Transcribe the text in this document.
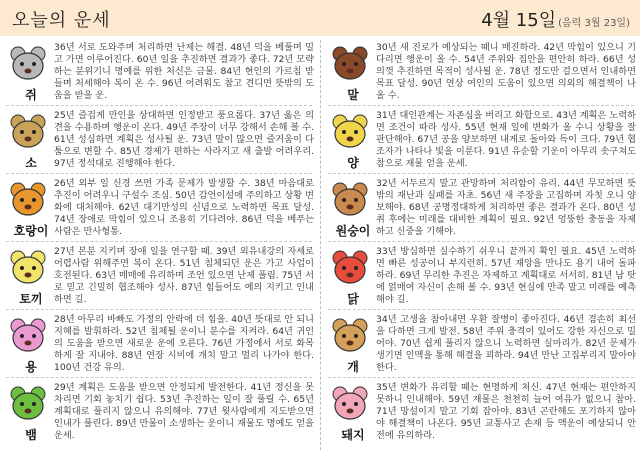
오늘의 운세	4월 15일 (음력 3월 23일)
쥐
36년 서로 도와주며 처리하면 난제는 해결. 48년 덕을 베풀며 밀고 가면 이루어진다. 60년 일을 추진하면 결과가 좋다. 72년 모략하는 분위기니 명예를 위한 처신은 금물. 84년 현인의 가르침 받들며 처세해야 복이 온 수. 96년 어려워도 참고 견디면 뜻밖의 도움을 받을 운.
소
25년 즐겁게 만인을 상대하면 인정받고 풍요롭다. 37년 옳은 의견을 수용하며 행운이 온다. 49년 주장이 너무 강해서 손해 볼 수. 61년 성심하면 계획은 성사될 운. 73년 말이 많으면 즐거움이 다툼으로 변할 수. 85년 경제가 편하는 사라지고 새 출발 어려우리. 97년 정석대로 진행해야 한다.
호랑이
26년 외부 일 신경 쓰면 가족 문제가 발생할 수. 38년 마음대로 추진이 어려우니 구설수 조심. 50년 감언이설에 주의하고 상황 변화에 대처해야. 62년 대기만성의 신념으로 노력하면 목표 달성. 74년 장애로 막힘이 있으니 조용히 기다려야. 86년 덕을 베푸는 사람은 만사형통.
토끼
27년 본분 지키며 장애 일을 연구할 때. 39년 외유내강의 자세로 어렵사람 위해주면 복이 온다. 51년 침체되던 운은 가고 사업이 호전된다. 63년 매매에 유리하며 조언 있으면 난제 풀림. 75년 서로 믿고 긴밀히 협조해야 성사. 87년 힘들어도 예의 지키고 인내하면 길.
용
28년 아무리 바빠도 가정의 안락에 더 힘을. 40년 뜻대로 안 되니 지혜를 발휘하라. 52년 침체될 운이니 분수를 지켜라. 64년 귀인의 도움을 받으면 새로운 운에 오른다. 76년 가정에서 서로 화목하게 잘 지내야. 88년 연장 시비에 개치 말고 멀리 나가야 한다. 100년 건강 유의.
뱀
29년 계획은 도움을 받으면 안정되게 발전한다. 41년 정신을 못 차리면 기회 놓치기 쉽다. 53년 추진하는 일이 잘 풀릴 수. 65년 계획대로 풀리지 않으니 유의해야. 77년 윗사람에게 지도받으면 인내가 풀린다. 89년 만물이 소생하는 운이니 재물도 명예도 얻을 운세.
말
30년 새 진로가 예상되는 때니 매진하라. 42년 막힘이 있으니 기다리면 행운이 올 수. 54년 주위와 집안을 편안히 하라. 66년 성의껏 추진하면 목적이 성사될 운. 78년 정도만 걸으면서 인내하면 목표 달성. 90년 연상 여인의 도움이 있으면 의외의 해결책이 나올 수.
양
31년 대인관계는 자존심을 버리고 화합으로. 43년 계획은 노력하면 조건이 따라 성사. 55년 현재 일에 변화가 올 수니 상황을 잘 판단해야. 67년 공을 양보하면 내게로 돌아와 득이 크다. 79년 협조자가 나타나 빛을 이룬다. 91년 유순할 기운이 아무리 솟구쳐도 참으로 재물 얻을 운세.
원숭이
32년 서두르지 말고 관망하며 처리함이 유리. 44년 무모하면 뜻밖의 재난과 실패를 자초. 56년 새 주장을 고집하며 자칫 오니 양보해야. 68년 공명정대하게 처리하면 좋은 결과가 온다. 80년 성취 후에는 미래를 대비한 계획이 필요. 92년 엉뚱한 충동을 자제하고 신중을 기해야.
닭
33년 방심하면 실수하기 쉬우니 끝까지 확인 필요. 45년 노력하면 빠른 성공이니 부지런히. 57년 재앙을 만나도 용기 내어 돌파하라. 69년 무리한 추진은 자제하고 계획대로 서서히. 81년 남 탓에 얽매여 자신이 손해 볼 수. 93년 현실에 만족 말고 미래를 예측해야 길.
개
34년 고생을 참아내면 우환 잘병이 좋아진다. 46년 겸손히 최선을 다하면 크게 발전. 58년 주위 충격이 있어도 강한 자신으로 밀어야. 70년 쉽게 풀리지 않으니 노력하면 실마리가. 82년 문제가 생기면 인맥을 통해 해결을 꾀하라. 94년 만난 고집부리지 말아야 한다.
돼지
35년 변화가 유리할 때는 현명하게 처신. 47년 현재는 편안하지 못하니 인내해야. 59년 재물은 천천히 늘어 여유가 없으니 참아. 71년 망설이지 말고 기회 잡아야. 83년 곤란해도 포기하지 않아야 해결책이 나온다. 95년 교통사고 손재 등 액운이 예상되니 안전에 유의하라.
